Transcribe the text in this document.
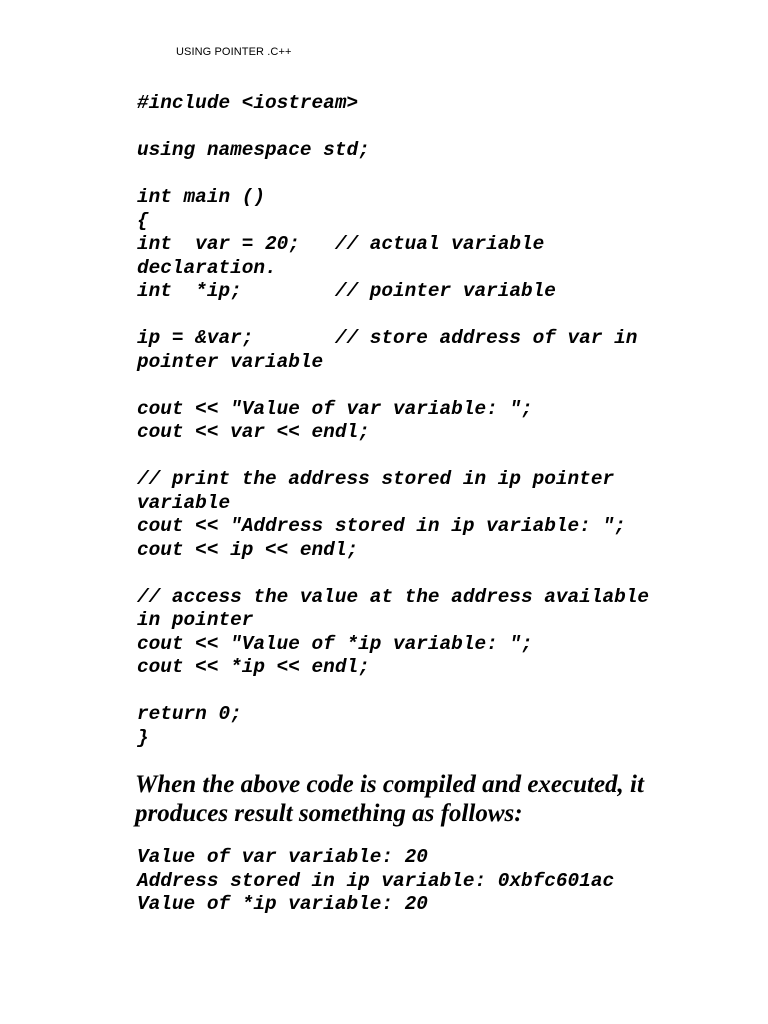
USING POINTER .C++
#include <iostream>
using namespace std;
int main ()
{
int  var = 20;   // actual variable
declaration.
int  *ip;        // pointer variable
ip = &var;       // store address of var in
pointer variable
cout << "Value of var variable: ";
cout << var << endl;
// print the address stored in ip pointer
variable
cout << "Address stored in ip variable: ";
cout << ip << endl;
// access the value at the address available
in pointer
cout << "Value of *ip variable: ";
cout << *ip << endl;
return 0;
}
When the above code is compiled and executed, it
produces result something as follows:
Value of var variable: 20
Address stored in ip variable: 0xbfc601ac
Value of *ip variable: 20
